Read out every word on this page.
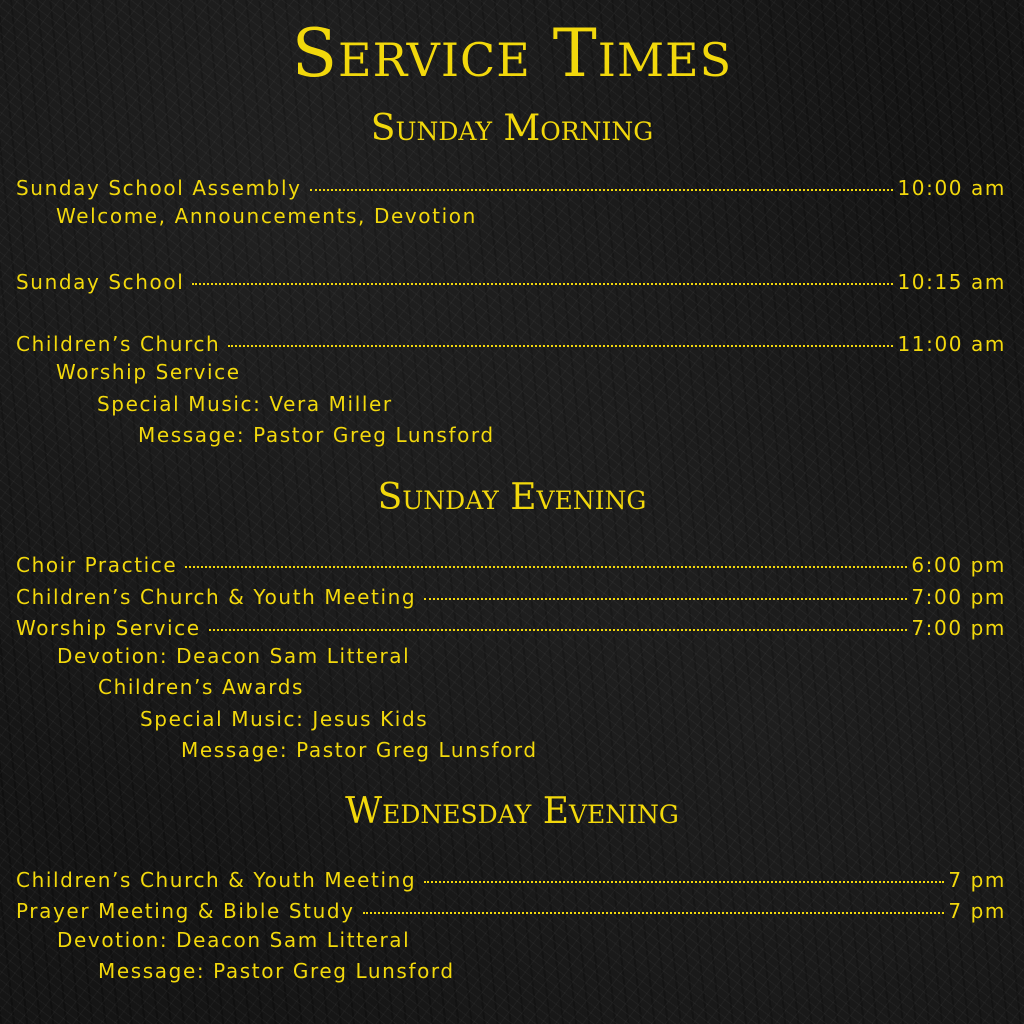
Service Times
Sunday Morning
Sunday School Assembly	10:00 am
Welcome, Announcements, Devotion
Sunday School	10:15 am
Children’s Church	11:00 am
Worship Service
Special Music: Vera Miller
Message: Pastor Greg Lunsford
Sunday Evening
Choir Practice	6:00 pm
Children’s Church & Youth Meeting	7:00 pm
Worship Service	7:00 pm
Devotion: Deacon Sam Litteral
Children’s Awards
Special Music: Jesus Kids
Message: Pastor Greg Lunsford
Wednesday Evening
Children’s Church & Youth Meeting	7 pm
Prayer Meeting & Bible Study	7 pm
Devotion: Deacon Sam Litteral
Message: Pastor Greg Lunsford
